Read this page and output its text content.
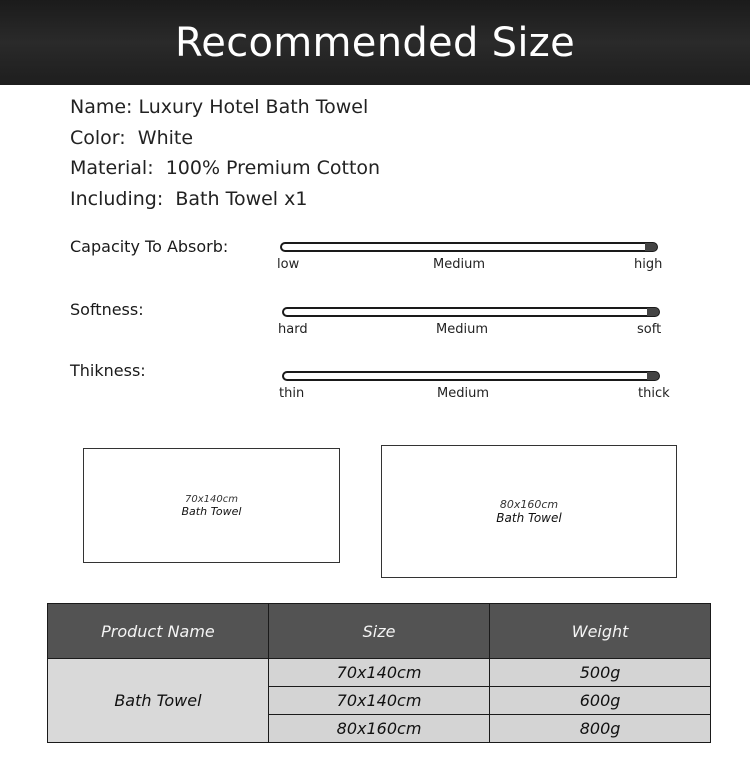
Recommended Size
Name: Luxury Hotel Bath Towel
Color: White
Material: 100% Premium Cotton
Including: Bath Towel x1
Capacity To Absorb:
low	Medium	high
Softness:
hard	Medium	soft
Thikness:
thin	Medium	thick
70x140cm
Bath Towel	80x160cm
Bath Towel
Product Name	Size	Weight
Bath Towel	70x140cm	500g
	70x140cm	600g
	80x160cm	800g
